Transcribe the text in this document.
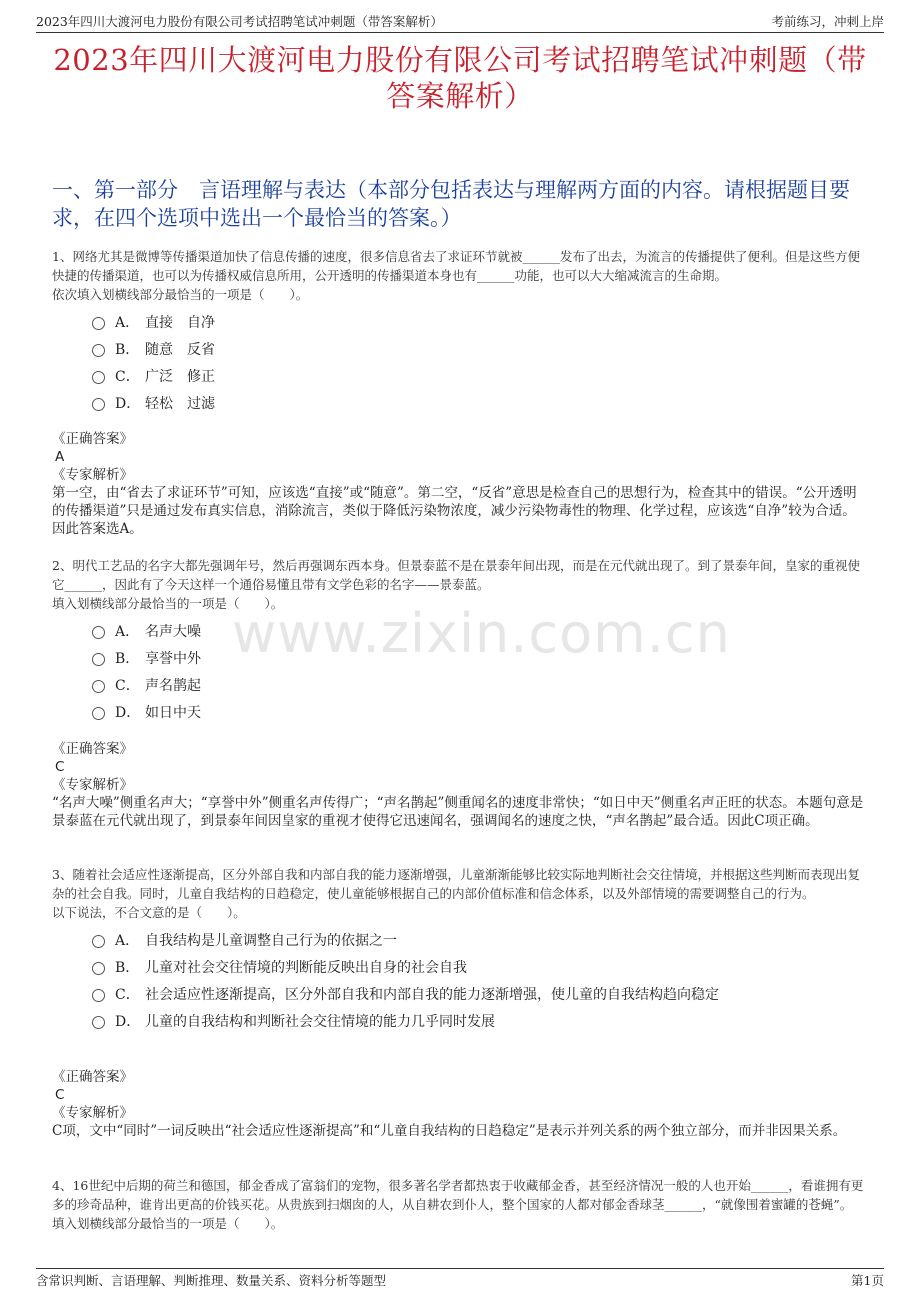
2023年四川大渡河电力股份有限公司考试招聘笔试冲刺题（带答案解析）	考前练习，冲刺上岸
2023年四川大渡河电力股份有限公司考试招聘笔试冲刺题（带答案解析）
一、第一部分　言语理解与表达（本部分包括表达与理解两方面的内容。请根据题目要求，在四个选项中选出一个最恰当的答案。）
www.zixin.com.cn

1、网络尤其是微博等传播渠道加快了信息传播的速度，很多信息省去了求证环节就被______发布了出去，为流言的传播提供了便利。但是这些方便快捷的传播渠道，也可以为传播权威信息所用，公开透明的传播渠道本身也有______功能，也可以大大缩减流言的生命期。

依次填入划横线部分最恰当的一项是（　　）。

A． 直接　自净
B． 随意　反省
C． 广泛　修正
D． 轻松　过滤

《正确答案》

A

《专家解析》

第一空，由“省去了求证环节”可知，应该选“直接”或“随意”。第二空，“反省”意思是检查自己的思想行为，检查其中的错误。“公开透明的传播渠道”只是通过发布真实信息，消除流言，类似于降低污染物浓度，减少污染物毒性的物理、化学过程，应该选“自净”较为合适。因此答案选A。

2、明代工艺品的名字大都先强调年号，然后再强调东西本身。但景泰蓝不是在景泰年间出现，而是在元代就出现了。到了景泰年间，皇家的重视使它______，因此有了今天这样一个通俗易懂且带有文学色彩的名字——景泰蓝。

填入划横线部分最恰当的一项是（　　）。

A． 名声大噪
B． 享誉中外
C． 声名鹊起
D． 如日中天

《正确答案》

C

《专家解析》

“名声大噪”侧重名声大；“享誉中外”侧重名声传得广；“声名鹊起”侧重闻名的速度非常快；“如日中天”侧重名声正旺的状态。本题句意是景泰蓝在元代就出现了，到景泰年间因皇家的重视才使得它迅速闻名，强调闻名的速度之快，“声名鹊起”最合适。因此C项正确。

3、随着社会适应性逐渐提高，区分外部自我和内部自我的能力逐渐增强，儿童渐渐能够比较实际地判断社会交往情境，并根据这些判断而表现出复杂的社会自我。同时，儿童自我结构的日趋稳定，使儿童能够根据自己的内部价值标准和信念体系，以及外部情境的需要调整自己的行为。

以下说法，不合文意的是（　　）。

A． 自我结构是儿童调整自己行为的依据之一
B． 儿童对社会交往情境的判断能反映出自身的社会自我
C． 社会适应性逐渐提高，区分外部自我和内部自我的能力逐渐增强，使儿童的自我结构趋向稳定
D． 儿童的自我结构和判断社会交往情境的能力几乎同时发展

《正确答案》

C

《专家解析》

C项，文中“同时”一词反映出“社会适应性逐渐提高”和“儿童自我结构的日趋稳定”是表示并列关系的两个独立部分，而并非因果关系。

4、16世纪中后期的荷兰和德国，郁金香成了富翁们的宠物，很多著名学者都热衷于收藏郁金香，甚至经济情况一般的人也开始______，看谁拥有更多的珍奇品种，谁肯出更高的价钱买花。从贵族到扫烟囱的人，从自耕农到仆人，整个国家的人都对郁金香球茎______，“就像围着蜜罐的苍蝇”。

填入划横线部分最恰当的一项是（　　）。

含常识判断、言语理解、判断推理、数量关系、资料分析等题型	第1页
